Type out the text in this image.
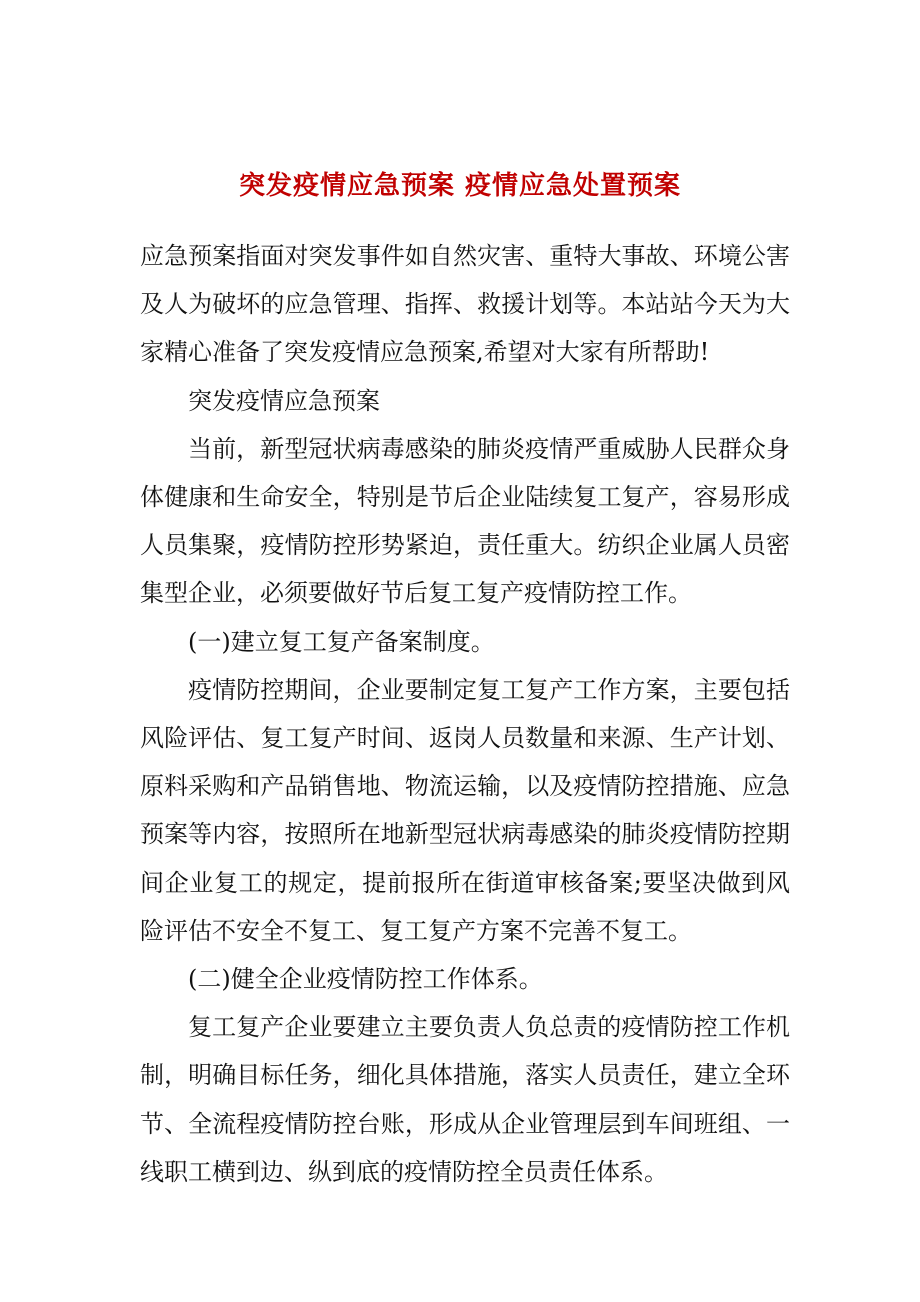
突发疫情应急预案 疫情应急处置预案

应急预案指面对突发事件如自然灾害、重特大事故、环境公害及人为破坏的应急管理、指挥、救援计划等。本站站今天为大家精心准备了突发疫情应急预案,希望对大家有所帮助!

突发疫情应急预案

当前，新型冠状病毒感染的肺炎疫情严重威胁人民群众身体健康和生命安全，特别是节后企业陆续复工复产，容易形成人员集聚，疫情防控形势紧迫，责任重大。纺织企业属人员密集型企业，必须要做好节后复工复产疫情防控工作。

(一)建立复工复产备案制度。

疫情防控期间，企业要制定复工复产工作方案，主要包括风险评估、复工复产时间、返岗人员数量和来源、生产计划、原料采购和产品销售地、物流运输，以及疫情防控措施、应急预案等内容，按照所在地新型冠状病毒感染的肺炎疫情防控期间企业复工的规定，提前报所在街道审核备案;要坚决做到风险评估不安全不复工、复工复产方案不完善不复工。

(二)健全企业疫情防控工作体系。

复工复产企业要建立主要负责人负总责的疫情防控工作机制，明确目标任务，细化具体措施，落实人员责任，建立全环节、全流程疫情防控台账，形成从企业管理层到车间班组、一线职工横到边、纵到底的疫情防控全员责任体系。
